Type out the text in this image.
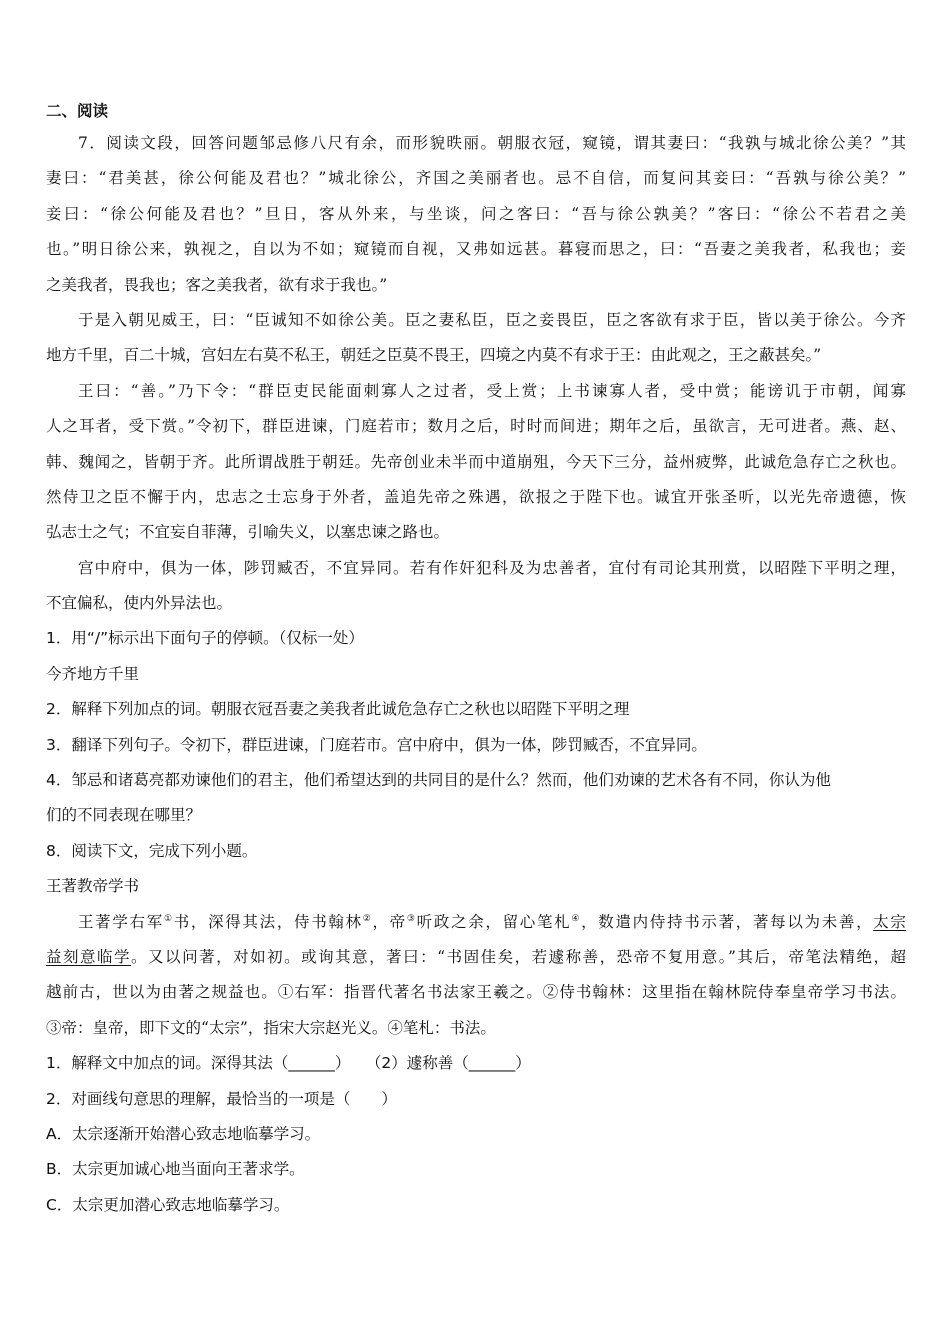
二、阅读
7．阅读文段，回答问题邹忌修八尺有余，而形貌昳丽。朝服衣冠，窥镜，谓其妻曰：“我孰与城北徐公美？”其
妻曰：“君美甚，徐公何能及君也？”城北徐公，齐国之美丽者也。忌不自信，而复问其妾曰：“吾孰与徐公美？”
妾曰：“徐公何能及君也？”旦日，客从外来，与坐谈，问之客曰：“吾与徐公孰美？”客曰：“徐公不若君之美
也。”明日徐公来，孰视之，自以为不如；窥镜而自视，又弗如远甚。暮寝而思之，曰：“吾妻之美我者，私我也；妾
之美我者，畏我也；客之美我者，欲有求于我也。”
于是入朝见威王，曰：“臣诚知不如徐公美。臣之妻私臣，臣之妾畏臣，臣之客欲有求于臣，皆以美于徐公。今齐
地方千里，百二十城，宫妇左右莫不私王，朝廷之臣莫不畏王，四境之内莫不有求于王：由此观之，王之蔽甚矣。”
王曰：“善。”乃下令：“群臣吏民能面刺寡人之过者，受上赏；上书谏寡人者，受中赏；能谤讥于市朝，闻寡
人之耳者，受下赏。”令初下，群臣进谏，门庭若市；数月之后，时时而间进；期年之后，虽欲言，无可进者。燕、赵、
韩、魏闻之，皆朝于齐。此所谓战胜于朝廷。先帝创业未半而中道崩殂，今天下三分，益州疲弊，此诚危急存亡之秋也。
然侍卫之臣不懈于内，忠志之士忘身于外者，盖追先帝之殊遇，欲报之于陛下也。诚宜开张圣听，以光先帝遗德，恢
弘志士之气；不宜妄自菲薄，引喻失义，以塞忠谏之路也。
宫中府中，俱为一体，陟罚臧否，不宜异同。若有作奸犯科及为忠善者，宜付有司论其刑赏，以昭陛下平明之理，
不宜偏私，使内外异法也。
1．用“/”标示出下面句子的停顿。（仅标一处）
今齐地方千里
2．解释下列加点的词。朝服衣冠吾妻之美我者此诚危急存亡之秋也以昭陛下平明之理
3．翻译下列句子。令初下，群臣进谏，门庭若市。宫中府中，俱为一体，陟罚臧否，不宜异同。
4．邹忌和诸葛亮都劝谏他们的君主，他们希望达到的共同目的是什么？然而，他们劝谏的艺术各有不同，你认为他
们的不同表现在哪里？
8．阅读下文，完成下列小题。
王著教帝学书
王著学右军①书，深得其法，侍书翰林②，帝③听政之余，留心笔札④，数遣内侍持书示著，著每以为未善，太宗
益刻意临学。又以问著，对如初。或询其意，著曰：“书固佳矣，若遽称善，恐帝不复用意。”其后，帝笔法精绝，超
越前古，世以为由著之规益也。①右军：指晋代著名书法家王羲之。②侍书翰林：这里指在翰林院侍奉皇帝学习书法。
③帝：皇帝，即下文的“太宗”，指宋大宗赵光义。④笔札：书法。
1．解释文中加点的词。深得其法（______）　　（2）遽称善（______）
2．对画线句意思的理解，最恰当的一项是（　　）
A．太宗逐渐开始潜心致志地临摹学习。
B．太宗更加诚心地当面向王著求学。
C．太宗更加潜心致志地临摹学习。
